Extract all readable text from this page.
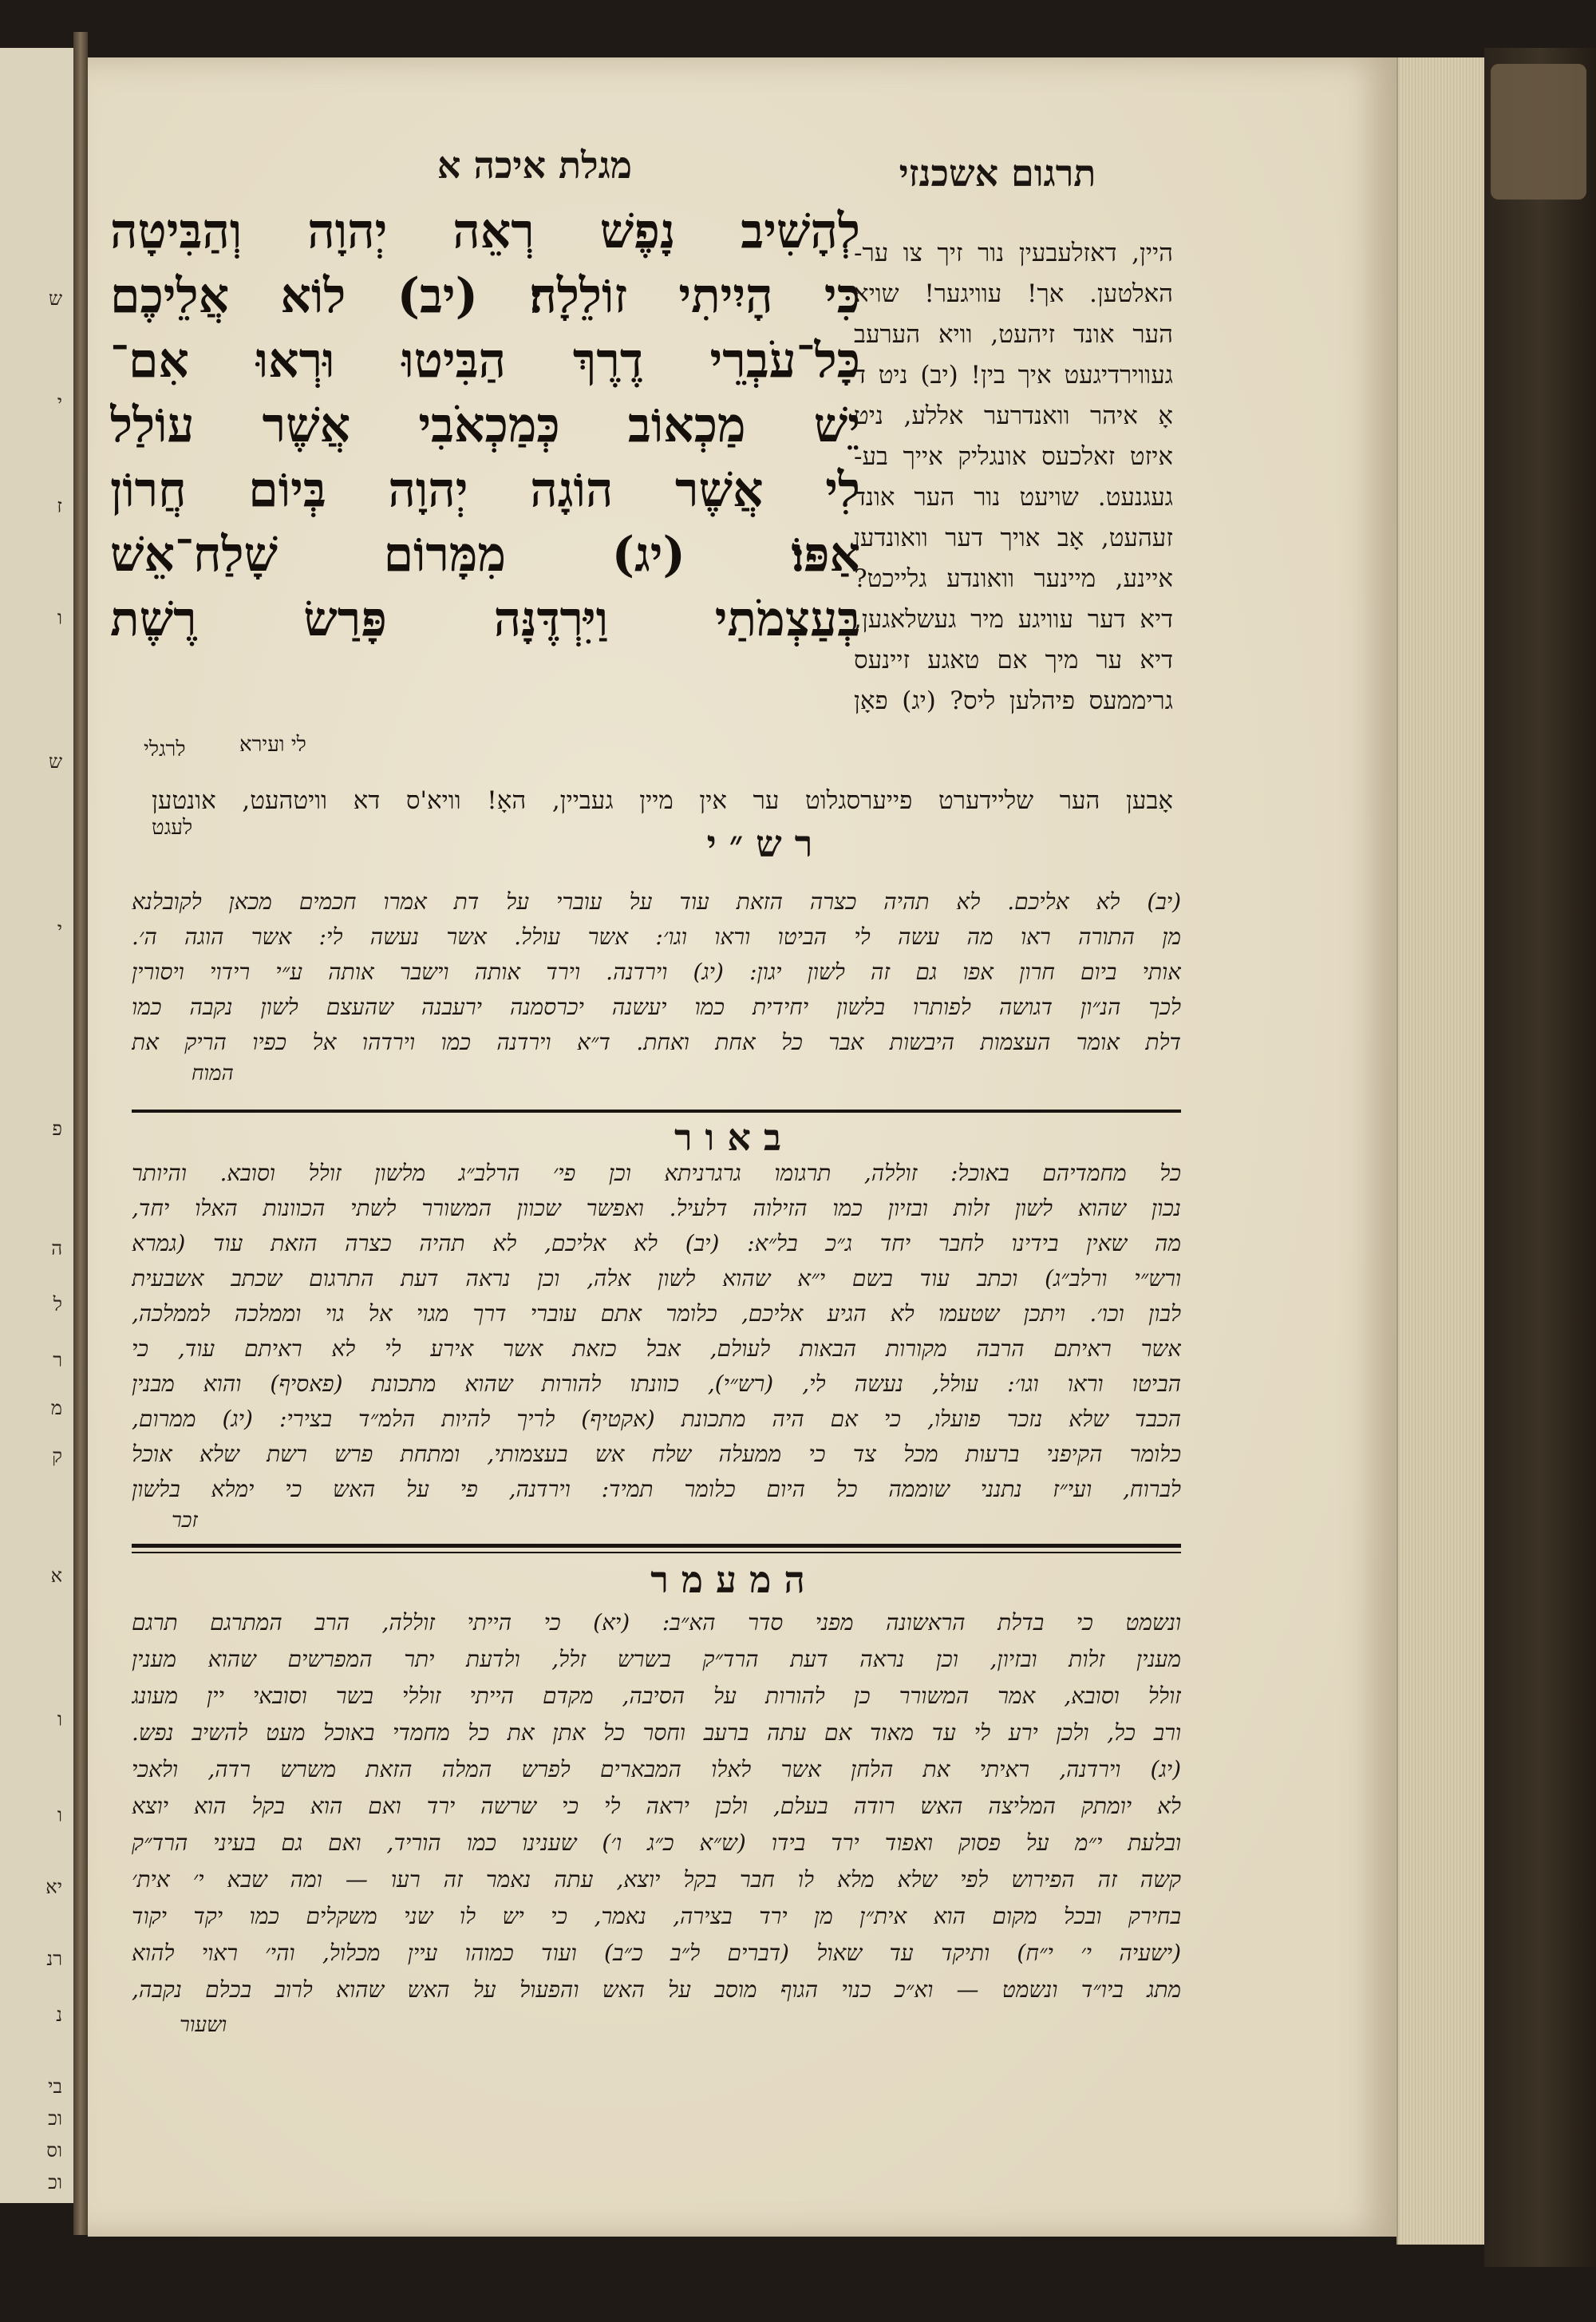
ש
י
ז
ו
ש
י
פ
ה
ל
ר
מ
ק
א
ו
ו
יא
רנ
נ
בי
וכ
וס
וכ
תרגום אשכנזי
מגלת איכה א
לְהָשִׁיב נָפֶשׁ רְאֵה יְהוָה וְהַבִּיטָה
כִּי הָיִיתִי זוֹלֵלָה׃ (יב) לוֹא אֲלֵיכֶם
כָּל־עֹבְרֵי דֶרֶךְ הַבִּיטוּ וּרְאוּ אִם־
יֵשׁ מַכְאוֹב כְּמַכְאֹבִי אֲשֶׁר עוֹלַל
לִי אֲשֶׁר הוֹגָה יְהוָה בְּיוֹם חֲרוֹן
אַפּוֹ׃ (יג) מִמָּרוֹם שָׁלַח־אֵשׁ
בְּעַצְמֹתַי וַיִּרְדֶּנָּה פָּרַשׂ רֶשֶׁת
לי ועירא
לרגלי
היין, דאזלעבעין נור זיך צו ער-
האלטען. אך! עוויגער! שויא
הער אונד זיהעט, וויא הערעב
געווירדיגעט איך בין! (יב) ניט ד
אָ איהר וואנדרער אללע, ניט
איזט זאלכעס אונגליק אייך בע-
געגנעט. שויעט נור הער אונד
זעהעט, אָב אויך דער וואונדען
איינע, מיינער וואונדע גלייכט?
דיא דער עוויגע מיר געשלאגען,
דיא ער מיך אם טאגע זיינעס
גריממעס פיהלען ליס? (יג) פאָן
אָבען הער שליידערט פייערסגלוט ער אין מיין געביין, האָ! וויא'ס דא וויטהעט, אונטען
לעגט	רש״י
(יב) לא אליכם. לא תהיה כצרה הזאת עוד על עוברי על דת אמרו חכמים מכאן לקובלנא
מן התורה ראו מה עשה לי הביטו וראו וגו׳: אשר עולל. אשר נעשה לי: אשר הוגה ה׳.
אותי ביום חרון אפו גם זה לשון יגון: (יג) וירדנה. וירד אותה וישבר אותה ע״י רידוי ויסורין
לכך הנ״ון דגושה לפותרו בלשון יחידית כמו יעשנה יכרסמנה ירעבנה שהעצם לשון נקבה כמו
דלת אומר העצמות היבשות אבר כל אחת ואחת. ד״א וירדנה כמו וירדהו אל כפיו הריק את
המוח
באור
כל מחמדיהם באוכל: זוללה, תרגומו גרגרניתא וכן פי׳ הרלב״ג מלשון זולל וסובא. והיותר
נכון שהוא לשון זלות ובזיון כמו הזילוה דלעיל. ואפשר שכוון המשורר לשתי הכוונות האלו יחד,
מה שאין בידינו לחבר יחד ג״כ בל״א: (יב) לא אליכם, לא תהיה כצרה הזאת עוד (גמרא
ורש״י ורלב״ג) וכתב עוד בשם י״א שהוא לשון אלה, וכן נראה דעת התרגום שכתב אשבעית
לבון וכו׳. ויתכן שטעמו לא הגיע אליכם, כלומר אתם עוברי דרך מגוי אל גוי וממלכה לממלכה,
אשר ראיתם הרבה מקורות הבאות לעולם, אבל כזאת אשר אירע לי לא ראיתם עוד, כי
הביטו וראו וגו׳: עולל, נעשה לי, (רש״י), כוונתו להורות שהוא מתכונת (פאסיף) והוא מבנין
הכבד שלא נזכר פועלו, כי אם היה מתכונת (אקטיף) לריך להיות הלמ״ד בצירי: (יג) ממרום,
כלומר הקיפני ברעות מכל צד כי ממעלה שלח אש בעצמותי, ומתחת פרש רשת שלא אוכל
לברוח, ועי״ז נתנני שוממה כל היום כלומר תמיד: וירדנה, פי על האש כי ימלא בלשון
זכר
המעמר
ונשמט כי בדלת הראשונה מפני סדר הא״ב: (יא) כי הייתי זוללה, הרב המתרגם תרגם
מענין זלות ובזיון, וכן נראה דעת הרד״ק בשרש זלל, ולדעת יתר המפרשים שהוא מענין
זולל וסובא, אמר המשורר כן להורות על הסיבה, מקדם הייתי זוללי בשר וסובאי יין מעונג
ורב כל, ולכן ירע לי עד מאוד אם עתה ברעב וחסר כל אתן את כל מחמדי באוכל מעט להשיב נפש.
(יג) וירדנה, ראיתי את הלחן אשר לאלו המבארים לפרש המלה הזאת משרש רדה, ולאכי
לא יומתק המליצה האש רודה בעלם, ולכן יראה לי כי שרשה ירד ואם הוא בקל הוא יוצא
ובלעת י״מ על פסוק ואפוד ירד בידו (ש״א כ״ג ו׳) שענינו כמו הוריד, ואם גם בעיני הרד״ק
קשה זה הפירוש לפי שלא מלא לו חבר בקל יוצא, עתה נאמר זה רעו — ומה שבא י׳ אית׳
בחירק ובכל מקום הוא אית״ן מן ירד בצירה, נאמר, כי יש לו שני משקלים כמו יקד יקוד
(ישעיה י׳ י״ח) ותיקד עד שאול (דברים ל״ב כ״ב) ועוד כמוהו עיין מכלול, והי׳ ראוי להוא
מתג ביו״ד ונשמט — וא״כ כנוי הגוף מוסב על האש והפעול על האש שהוא לרוב בכלם נקבה,
ושעור
